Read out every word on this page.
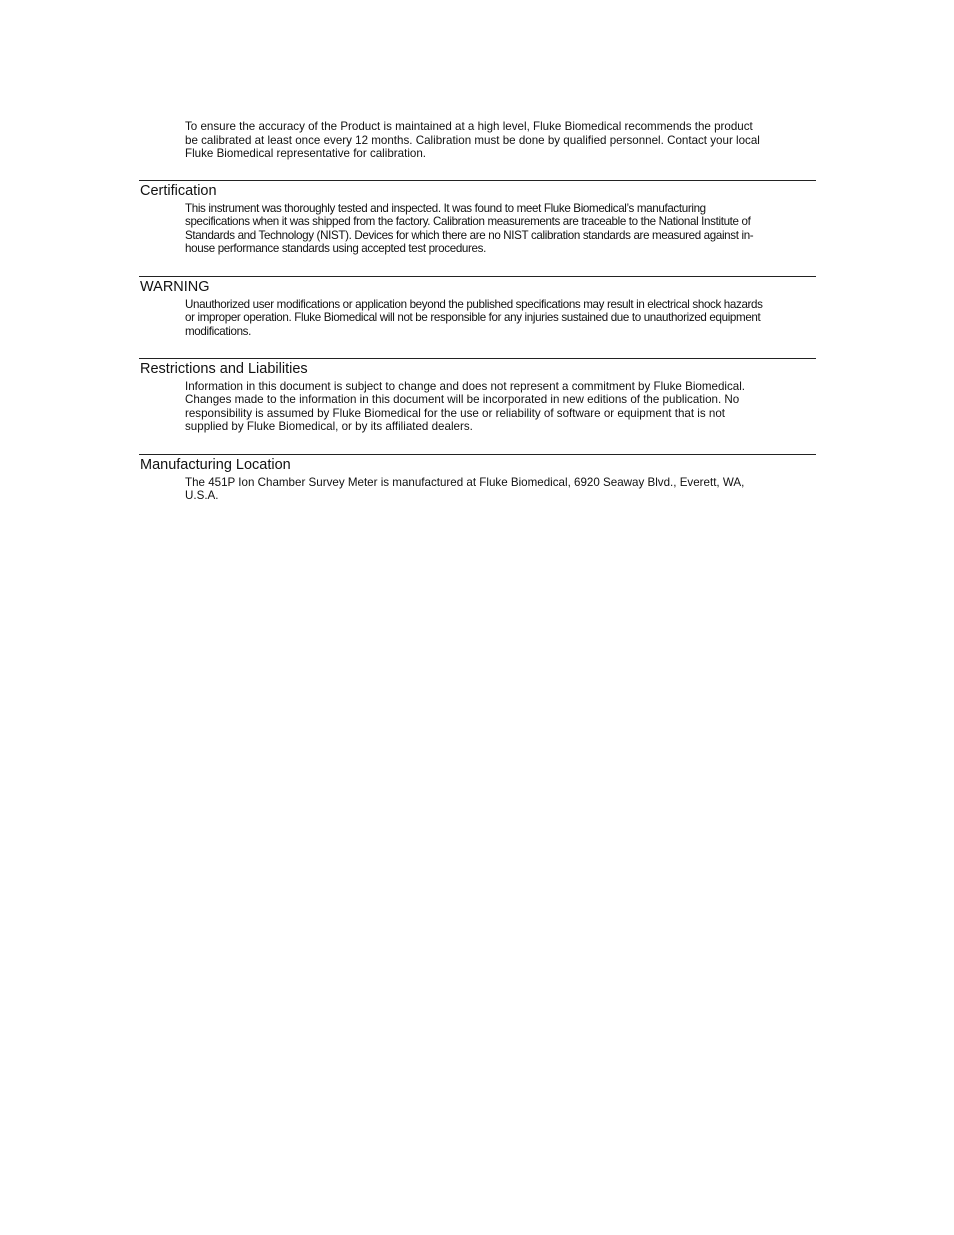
To ensure the accuracy of the Product is maintained at a high level, Fluke Biomedical recommends the product
be calibrated at least once every 12 months. Calibration must be done by qualified personnel. Contact your local
Fluke Biomedical representative for calibration.

Certification

This instrument was thoroughly tested and inspected. It was found to meet Fluke Biomedical’s manufacturing
specifications when it was shipped from the factory. Calibration measurements are traceable to the National Institute of
Standards and Technology (NIST). Devices for which there are no NIST calibration standards are measured against in-
house performance standards using accepted test procedures.

WARNING

Unauthorized user modifications or application beyond the published specifications may result in electrical shock hazards
or improper operation. Fluke Biomedical will not be responsible for any injuries sustained due to unauthorized equipment
modifications.

Restrictions and Liabilities

Information in this document is subject to change and does not represent a commitment by Fluke Biomedical.
Changes made to the information in this document will be incorporated in new editions of the publication. No
responsibility is assumed by Fluke Biomedical for the use or reliability of software or equipment that is not
supplied by Fluke Biomedical, or by its affiliated dealers.

Manufacturing Location

The 451P Ion Chamber Survey Meter is manufactured at Fluke Biomedical, 6920 Seaway Blvd., Everett, WA,
U.S.A.
